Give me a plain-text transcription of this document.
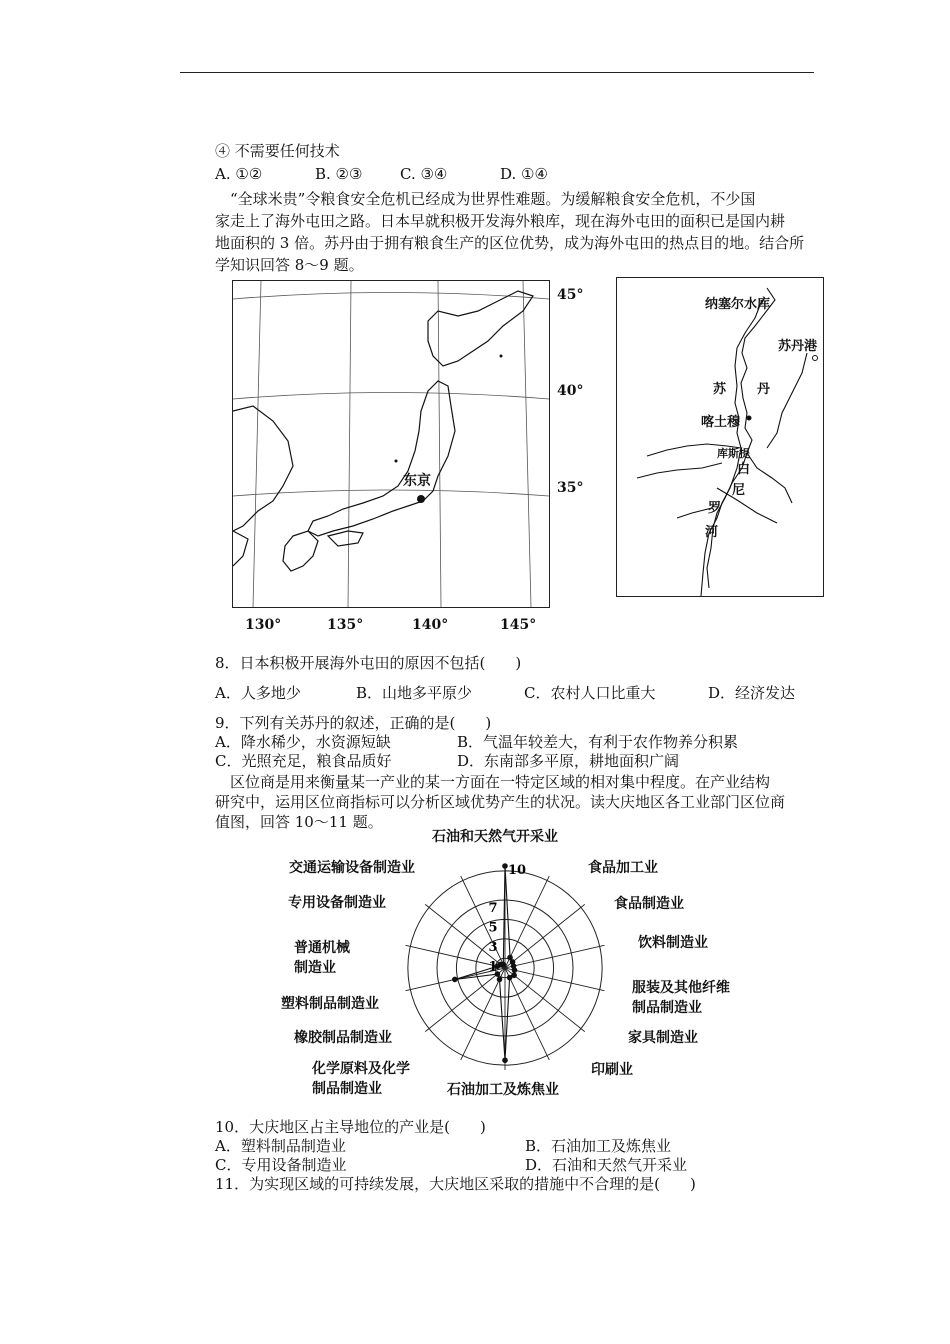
④ 不需要任何技术
A. ①②	B. ②③	C. ③④	D. ①④
“全球米贵”令粮食安全危机已经成为世界性难题。为缓解粮食安全危机，不少国
家走上了海外屯田之路。日本早就积极开发海外粮库，现在海外屯田的面积已是国内耕
地面积的 3 倍。苏丹由于拥有粮食生产的区位优势，成为海外屯田的热点目的地。结合所
学知识回答 8～9 题。
东京
45°
40°
35°
130°	135°	140°	145°
纳塞尔水库
苏丹港
苏 丹
喀土穆
库斯提
白
尼
罗
河
8．日本积极开展海外屯田的原因不包括(　　)
A．人多地少	B．山地多平原少	C．农村人口比重大	D．经济发达
9．下列有关苏丹的叙述，正确的是(　　)
A．降水稀少，水资源短缺	B．气温年较差大，有利于农作物养分积累
C．光照充足，粮食品质好	D．东南部多平原，耕地面积广阔
区位商是用来衡量某一产业的某一方面在一特定区域的相对集中程度。在产业结构
研究中，运用区位商指标可以分析区域优势产生的状况。读大庆地区各工业部门区位商
值图，回答 10～11 题。
1
3
5
7
10
石油和天然气开采业
食品加工业
食品制造业
饮料制造业
服装及其他纤维
制品制造业
家具制造业
印刷业
石油加工及炼焦业
化学原料及化学
制品制造业
橡胶制品制造业
塑料制品制造业
普通机械
制造业
专用设备制造业
交通运输设备制造业
10．大庆地区占主导地位的产业是(　　)
A．塑料制品制造业	B．石油加工及炼焦业
C．专用设备制造业	D．石油和天然气开采业
11．为实现区域的可持续发展，大庆地区采取的措施中不合理的是(　　)
